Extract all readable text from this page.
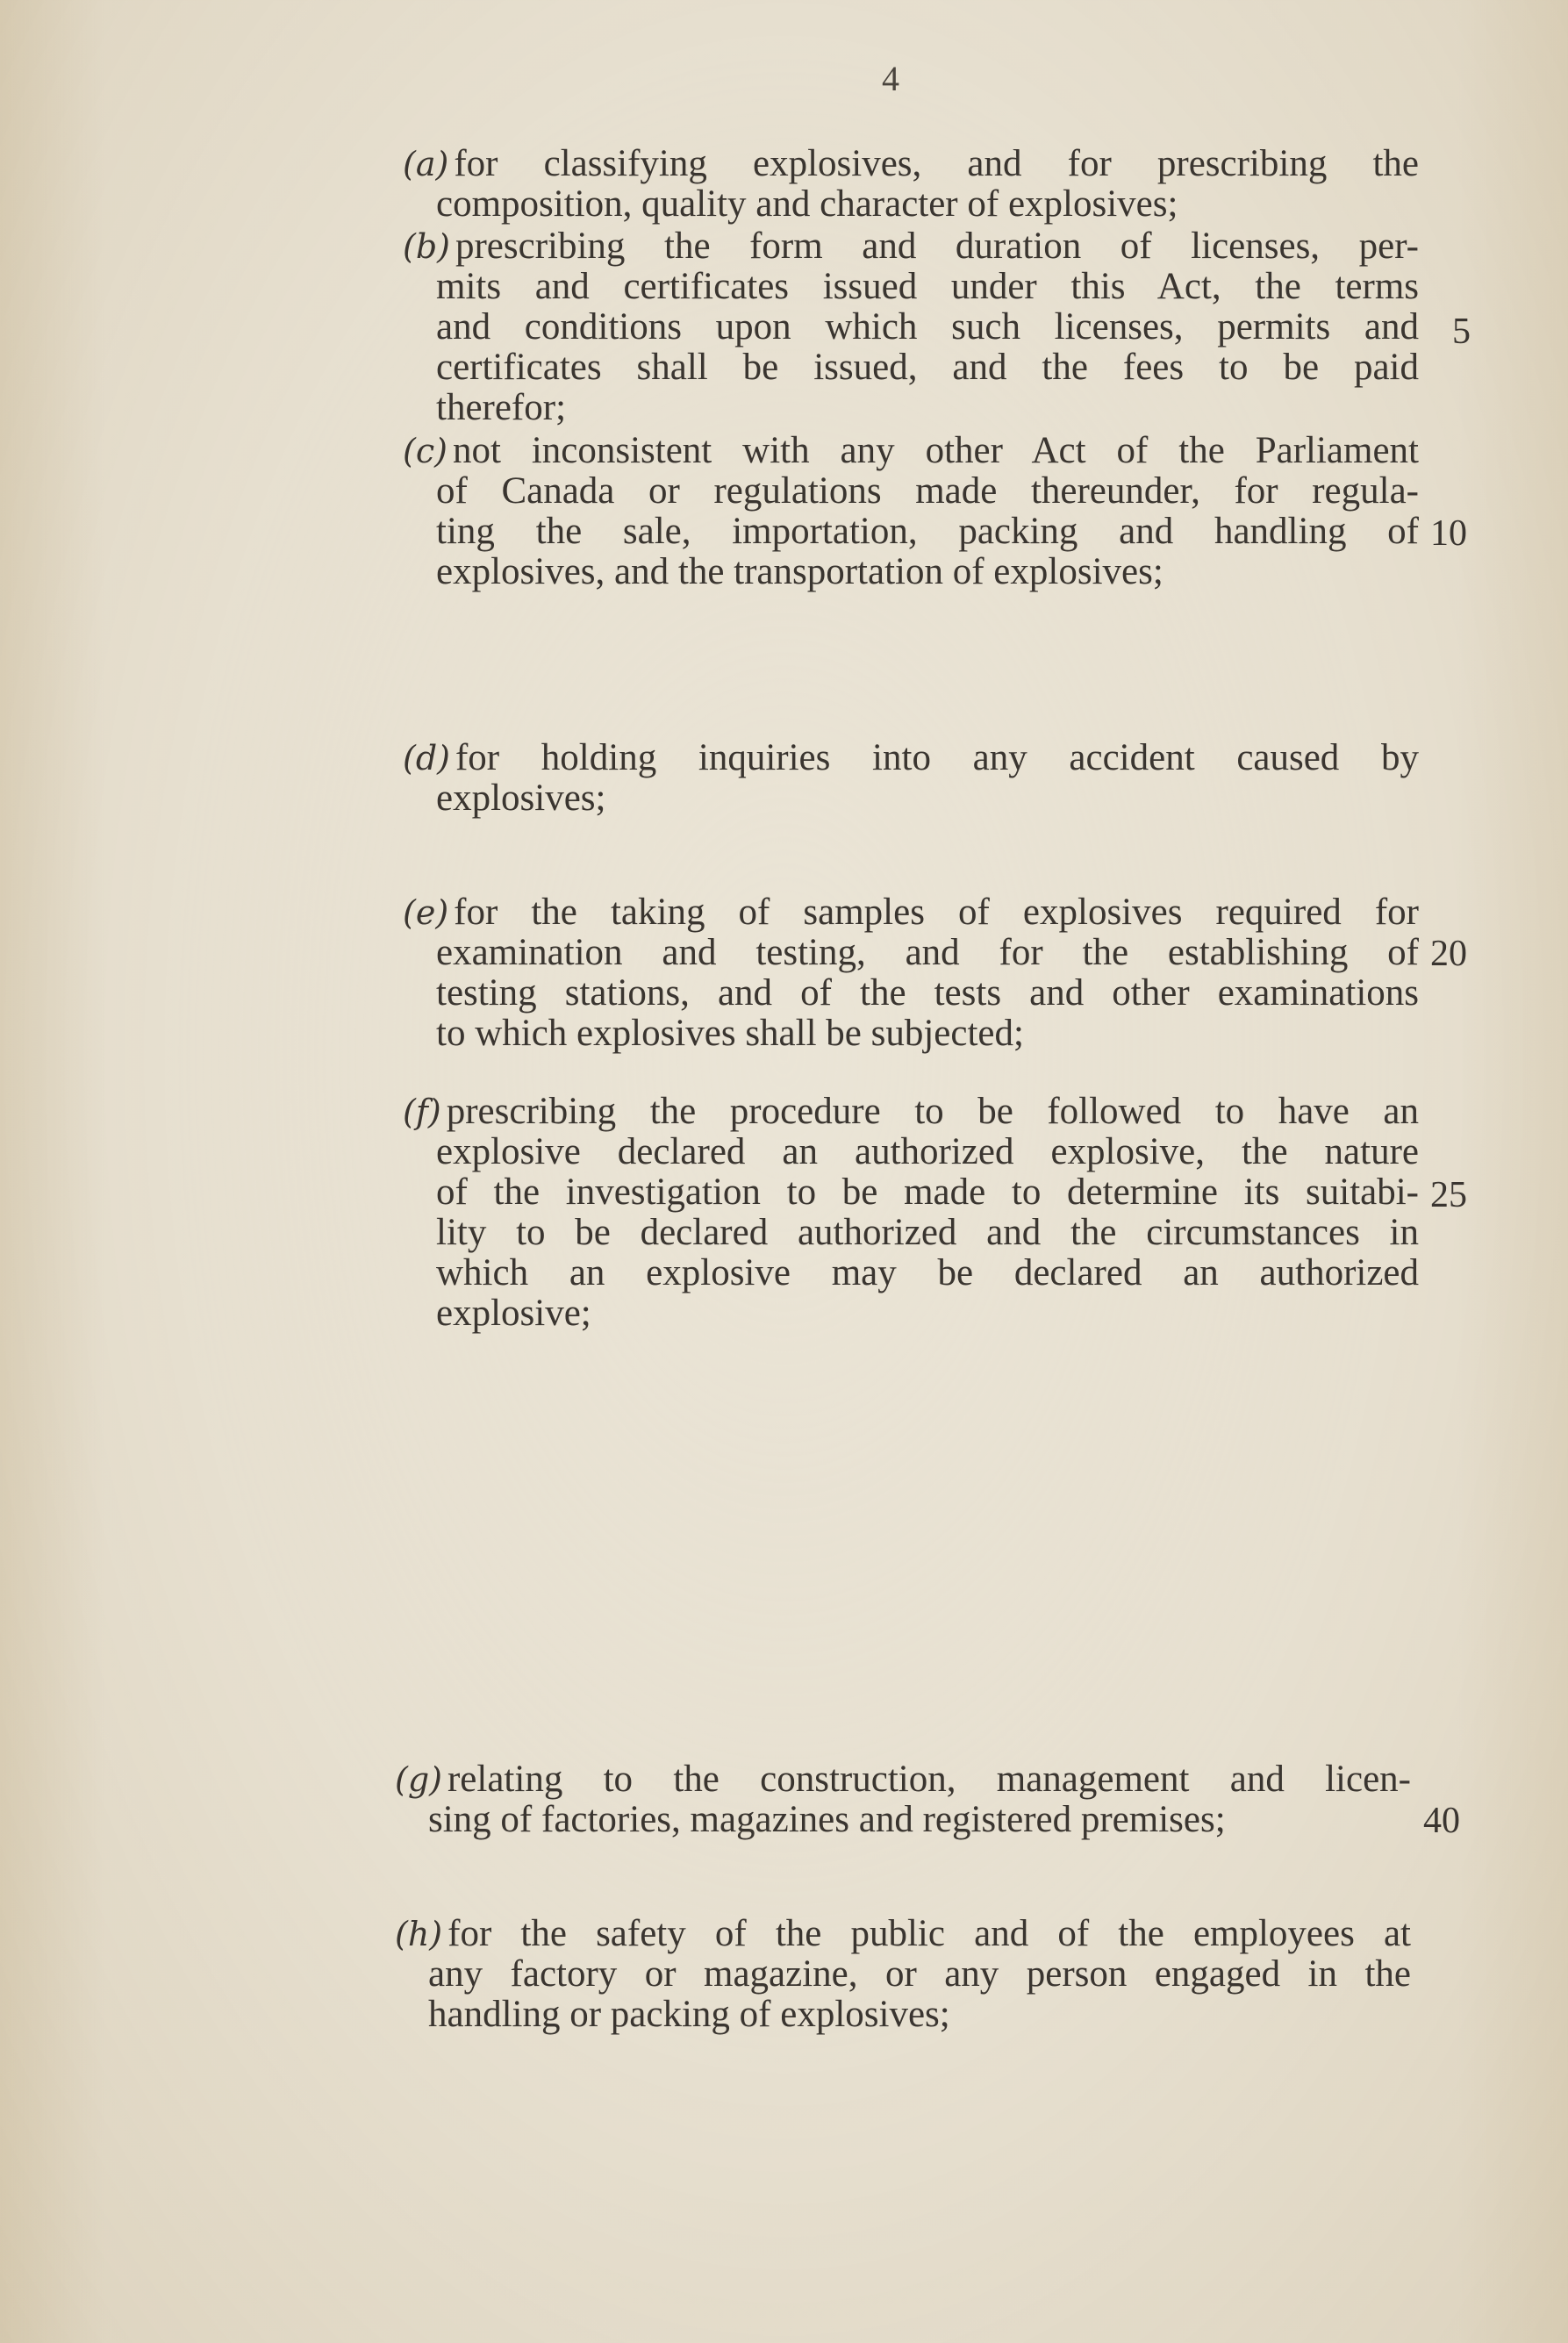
4
(a) for classifying explosives, and for prescribing the
composition, quality and character of explosives;
(b) prescribing the form and duration of licenses, per-
mits and certificates issued under this Act, the terms
and conditions upon which such licenses, permits and
certificates shall be issued, and the fees to be paid
therefor;
(c) not inconsistent with any other Act of the Parliament
of Canada or regulations made thereunder, for regula-
ting the sale, importation, packing and handling of
explosives, and the transportation of explosives;
(d) for holding inquiries into any accident caused by
explosives;
(e) for the taking of samples of explosives required for
examination and testing, and for the establishing of
testing stations, and of the tests and other examinations
to which explosives shall be subjected;
(f) prescribing the procedure to be followed to have an
explosive declared an authorized explosive, the nature
of the investigation to be made to determine its suitabi-
lity to be declared authorized and the circumstances in
which an explosive may be declared an authorized
explosive;
(g) relating to the construction, management and licen-
sing of factories, magazines and registered premises;
(h) for the safety of the public and of the employees at
any factory or magazine, or any person engaged in the
handling or packing of explosives;
5
10
20
25
40
